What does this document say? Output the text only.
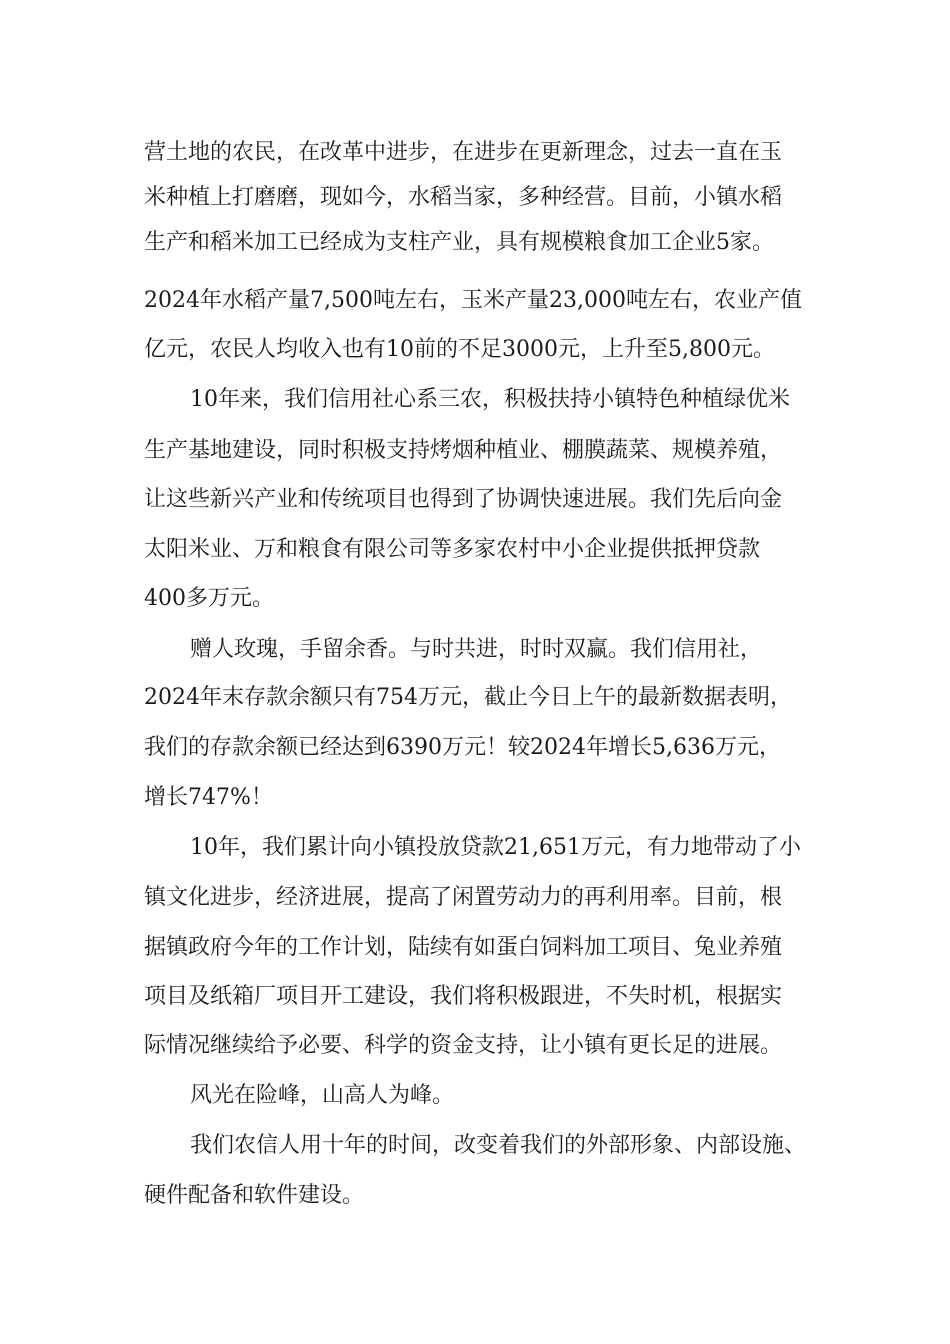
营土地的农民，在改革中进步，在进步在更新理念，过去一直在玉
米种植上打磨磨，现如今，水稻当家，多种经营。目前，小镇水稻
生产和稻米加工已经成为支柱产业，具有规模粮食加工企业5家。
2024年水稻产量7,500吨左右，玉米产量23,000吨左右，农业产值
亿元，农民人均收入也有10前的不足3000元，上升至5,800元。
10年来，我们信用社心系三农，积极扶持小镇特色种植绿优米
生产基地建设，同时积极支持烤烟种植业、棚膜蔬菜、规模养殖，
让这些新兴产业和传统项目也得到了协调快速进展。我们先后向金
太阳米业、万和粮食有限公司等多家农村中小企业提供抵押贷款
400多万元。
赠人玫瑰，手留余香。与时共进，时时双赢。我们信用社，
2024年末存款余额只有754万元，截止今日上午的最新数据表明，
我们的存款余额已经达到6390万元！较2024年增长5,636万元，
增长747%！
10年，我们累计向小镇投放贷款21,651万元，有力地带动了小
镇文化进步，经济进展，提高了闲置劳动力的再利用率。目前，根
据镇政府今年的工作计划，陆续有如蛋白饲料加工项目、兔业养殖
项目及纸箱厂项目开工建设，我们将积极跟进，不失时机，根据实
际情况继续给予必要、科学的资金支持，让小镇有更长足的进展。
风光在险峰，山高人为峰。
我们农信人用十年的时间，改变着我们的外部形象、内部设施、
硬件配备和软件建设。
